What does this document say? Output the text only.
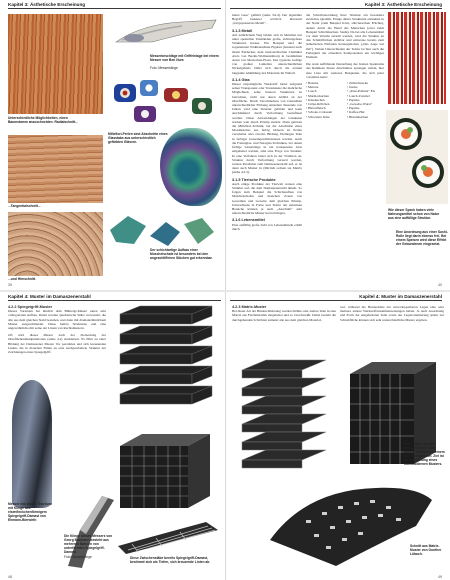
Kapitel 3: Ästhetische Erscheinung
Unterschiedliche Möglichkeiten, einen Baumstamm anzuschneiden: Radialschnitt...
...Tangentialschnitt...
...und Hirnschnitt.
Messerbeschläge mit Griffeinlage bei einem Messer von Ben Nurs
Foto: Messerklinge
Millefiori-Perlen sind Abschnitte eines Glasstabs aus unterschiedlich gefärbten Gläsern.
Der schichtartige Aufbau einer Muschelschale ist besonders bei den angeschliffenen Stücken gut erkennbar.
39
Kapitel 3: Ästhetische Erscheinung
leiner Gase“ geführt (siehe 3.6.4). Der legendäre Begriff bedeutet wörtlich übersetzt „fortgepanzertes Metall“.
3.1.3 Metall
Auf natürlichem Weg bilden sich in Metallen nur unter speziellen Umständen große, sichtungsfeste Strukturen heraus. Ein Beispiel sind die sogenannten Widmanstätten-Figuren (benannt nach ihrem Entdecker, dem österreichischen Chemiker Alois von Beckh-Widmanstätten) in bestimmten Arten von Meteoriten-Eisen. Das typische Gefüge von großen Lamellen unterschiedlichen Nickelgehalts bildet sich durch die extrem langsame Abkühlung des Materials im Weltall.
3.1.4 Glas
Dieser ursprüngliche Werkstoff bietet aufgrund seiner Transparenz oder Transluzenz die mehrfache Möglichkeit, seine inneren Strukturen zu betrachten, nicht nur deren Abbild an der Oberfläche. Durch Verschmelzen von Glasstäben unterschiedlicher Färbung entstehen Tausende von Jahren wird eine Struktur gebildet und kann anschließend durch Verformung beeinflusst werden. Diese Anwendungen der Glaskunst reichen weit durch Prinzip zurück. Dazu gehören die Millefiori-Technik, bei der Abschnitte eines Mosaikstabes aus farbig Gläsern zu Perlen verarbeitet oder zweckt, Bildung. Eleiliegen Teile in farbiger Glaseingeschmolzenen werden. Auch die Fadenglas- und Netzglas-Techniken, bei denen farbige Glasstränge in ein transparente Glas eingebettet werden, sind eine Folge von Struktur. In eine Verfahren bietet sich in der Tradition an, Struktur durch Verformung verzerrt werden, weisen Parallelen zum Damaszenerstahl auf, er ist dann auch Muster in (Micrish ordnen sie Matrix (siehe 4.2.3).
3.1.5 Tierische Produkte
Auch einige Produkte der Tierwelt weisen eine Struktur auf, die dem Damaszenerstahl ähnelt. So folgen zum Beispiel die Schichtaufbau von Muschelschalen und manchen Zonen von Geweihen und Gewebe dem gleichen Prinzip. Unterschiede in Farbe und Textur der einzelnen Bereiche können je nach „Anschnitt“ sehr unterschiedliche Muster hervorbringen.
3.1.6 Lebensmittel
Eine auffällig große Zahl von Lebensmitteln erhält durch
die Schichtanordnung ihrer Struktur ein besonders zierliches Qualität. Einige dieser Strukturen entstehen in der Natur (zum Beispiel Kiwi, stärchearchen Früchte), andere durch die Hand des Menschen (etwa beim Beispiel Schichtkuchen, Sushi). Da bei alle Lebensmittel vor dem Verzehr zerteilt werden, wird die Struktur an den Schnittflächen sichtbar und zeitweise bereits zum ästhetischen Einfaden herausgehoben („Das Auge isst mit“). Neben Unterschieden der Textur ist hier auch die Farbigkeit der einzelnen Komponenten ein wichtiges Element.
Die stark auffällende Darstellung des breiten Spektrums des Rahmens dieses Abschnittes sprengen würde, hier eine Liste mit weiteren Beispielen, die sich jeder vorstellen kann:
• Banane
• Melone
• Lauch
• Marmorkuchen
• Käsekuchen
• Crêpe-Röllchen
• Hirtenfleisch
• Schoko-Croissant
• Schweizer Käse
• Zimtschnecke
• Gurke
• „Pain-Pralinie“ Eis
• Lauch-Zwiebel
• Paprika
• „Gewebe-Wurst“
• Paprika
• Kaffee-Hui
• Birnenkuchen
Wie dieser Speck haben viele Nahrungsmittel schon von Natur aus eine auffällige Struktur.
Eine Anordnung aus einer Sushi-Rolle liegt darin ebenso frei. Bei einem Speisen wird diese Effekt der Gebundenen eingesetzt.
40
Kapitel 4: Muster im Damaszenerstahl
4.2.2 Spiegelgriff-Muster
Dieses Varianten hat ähnlich dem Blüttergi-Muster einen sehr orthogonalen Aufbau. Dabei werden quadratische Stäbe verwendet, die alle aus dem gleichen Stahl bestehen, und dann mit diamantzähnlichem Muster ausgeschmiedet. Diese helfen Strukturen und eine ungewöhnliche mit seine der Linien von Rechtsmustern.
Oft wird dieses Muster nach der Zielsetzung der Oberflächenmanipulationen (siehe 4.x) strukturiert. Es führt zu einer Bildung der Damaszener Muster Vor parallelen und sich kreuzenden Linien, die in manchen Fällen an eine nachgearbeitete Struktur der Zeichnungen eines Spiegelgriff.
Messer von André Thorburn mit Klinge aus eisenfleckchenförmigem Spiegelgriff-Damast von Ehmann-Bierwirth
Die Klinge dieses Messers von Georg Baumann besteht aus mehreren Bahnen von unterformten Spiegelgriff-Damast.
Foto: Messerklinge	Diese Zwischenstäbe bereits Spiegelgriff-Damast, bestimmt sich als Tiefen, sich kreuzende Linien ab.
48
Kapitel 4: Muster im Damaszenerstahl
4.2.3 Matrix-Muster
Bei dieser Art der Bindeschilderung werden Drähte oder andere Teile in eine Matrix aus Flachmetallen eingebettet und so verschweißt. Dabei besteht die durchgehenden Schichten zumeist alle aus dem gleichen Material,
wel, während die Bestandteile der unverdoppelbaren Lagen eine oder mehrere andere Werkstoffzusammensetzungen haben. Je nach Anordnung und Form der eingebetteten Teile sowie der Lagenorientierung später zur Schnittfläche können sich sehr unterschiedliche Muster ergeben.
Beim Matrix-Muster werden Drähte oder andere Elemente in einem Block eingebettet. Ziel ist die Entstehung eines hochmodernen Musters.
Schnitt aus Matrix-Muster von Gunther Löbach.
49
